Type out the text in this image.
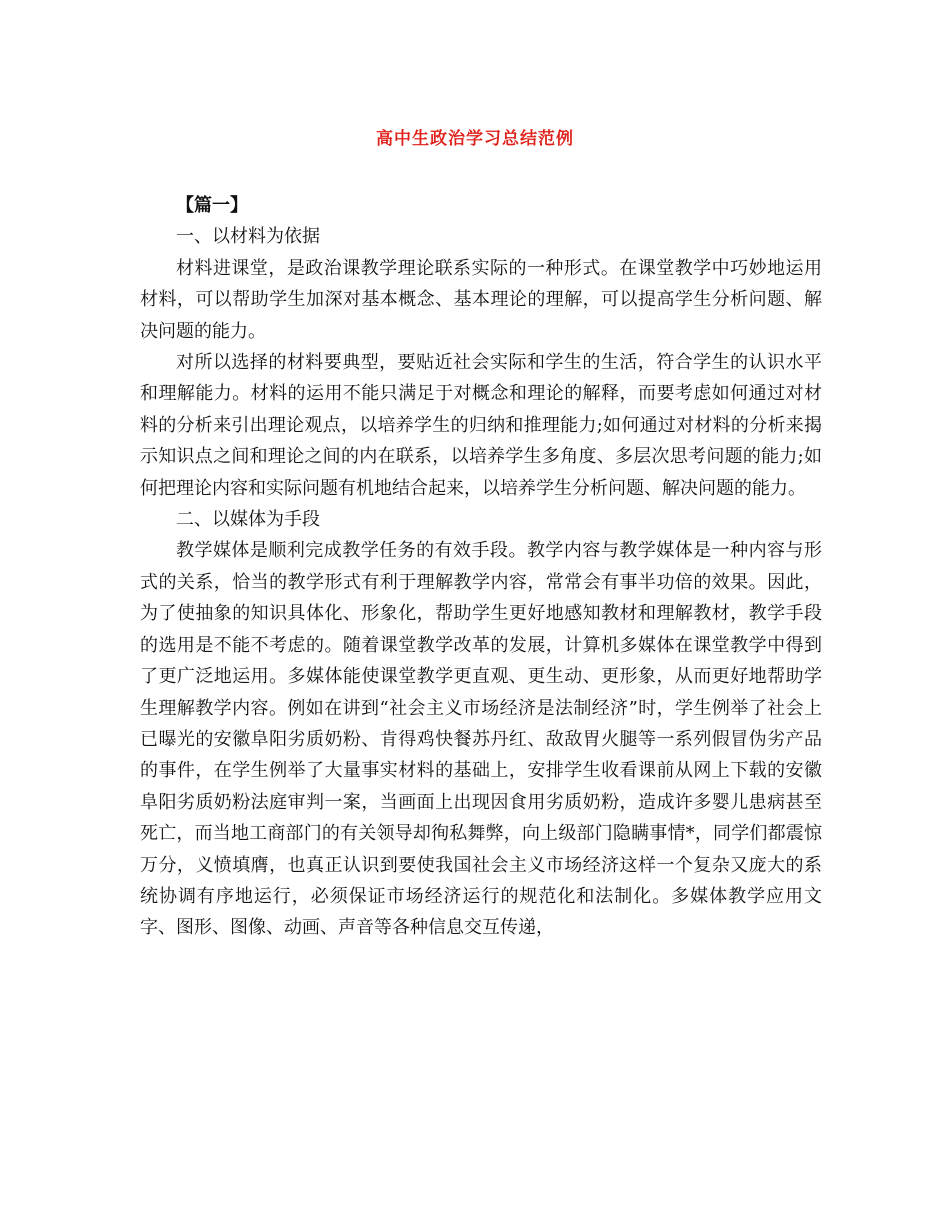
高中生政治学习总结范例

【篇一】

一、以材料为依据

材料进课堂，是政治课教学理论联系实际的一种形式。在课堂教学中巧妙地运用材料，可以帮助学生加深对基本概念、基本理论的理解，可以提高学生分析问题、解决问题的能力。

对所以选择的材料要典型，要贴近社会实际和学生的生活，符合学生的认识水平和理解能力。材料的运用不能只满足于对概念和理论的解释，而要考虑如何通过对材料的分析来引出理论观点，以培养学生的归纳和推理能力;如何通过对材料的分析来揭示知识点之间和理论之间的内在联系，以培养学生多角度、多层次思考问题的能力;如何把理论内容和实际问题有机地结合起来，以培养学生分析问题、解决问题的能力。

二、以媒体为手段

教学媒体是顺利完成教学任务的有效手段。教学内容与教学媒体是一种内容与形式的关系，恰当的教学形式有利于理解教学内容，常常会有事半功倍的效果。因此，为了使抽象的知识具体化、形象化，帮助学生更好地感知教材和理解教材，教学手段的选用是不能不考虑的。随着课堂教学改革的发展，计算机多媒体在课堂教学中得到了更广泛地运用。多媒体能使课堂教学更直观、更生动、更形象，从而更好地帮助学生理解教学内容。例如在讲到“社会主义市场经济是法制经济”时，学生例举了社会上已曝光的安徽阜阳劣质奶粉、肯得鸡快餐苏丹红、敌敌胃火腿等一系列假冒伪劣产品的事件，在学生例举了大量事实材料的基础上，安排学生收看课前从网上下载的安徽阜阳劣质奶粉法庭审判一案，当画面上出现因食用劣质奶粉，造成许多婴儿患病甚至死亡，而当地工商部门的有关领导却徇私舞弊，向上级部门隐瞒事情*，同学们都震惊万分，义愤填膺，也真正认识到要使我国社会主义市场经济这样一个复杂又庞大的系统协调有序地运行，必须保证市场经济运行的规范化和法制化。多媒体教学应用文字、图形、图像、动画、声音等各种信息交互传递，
